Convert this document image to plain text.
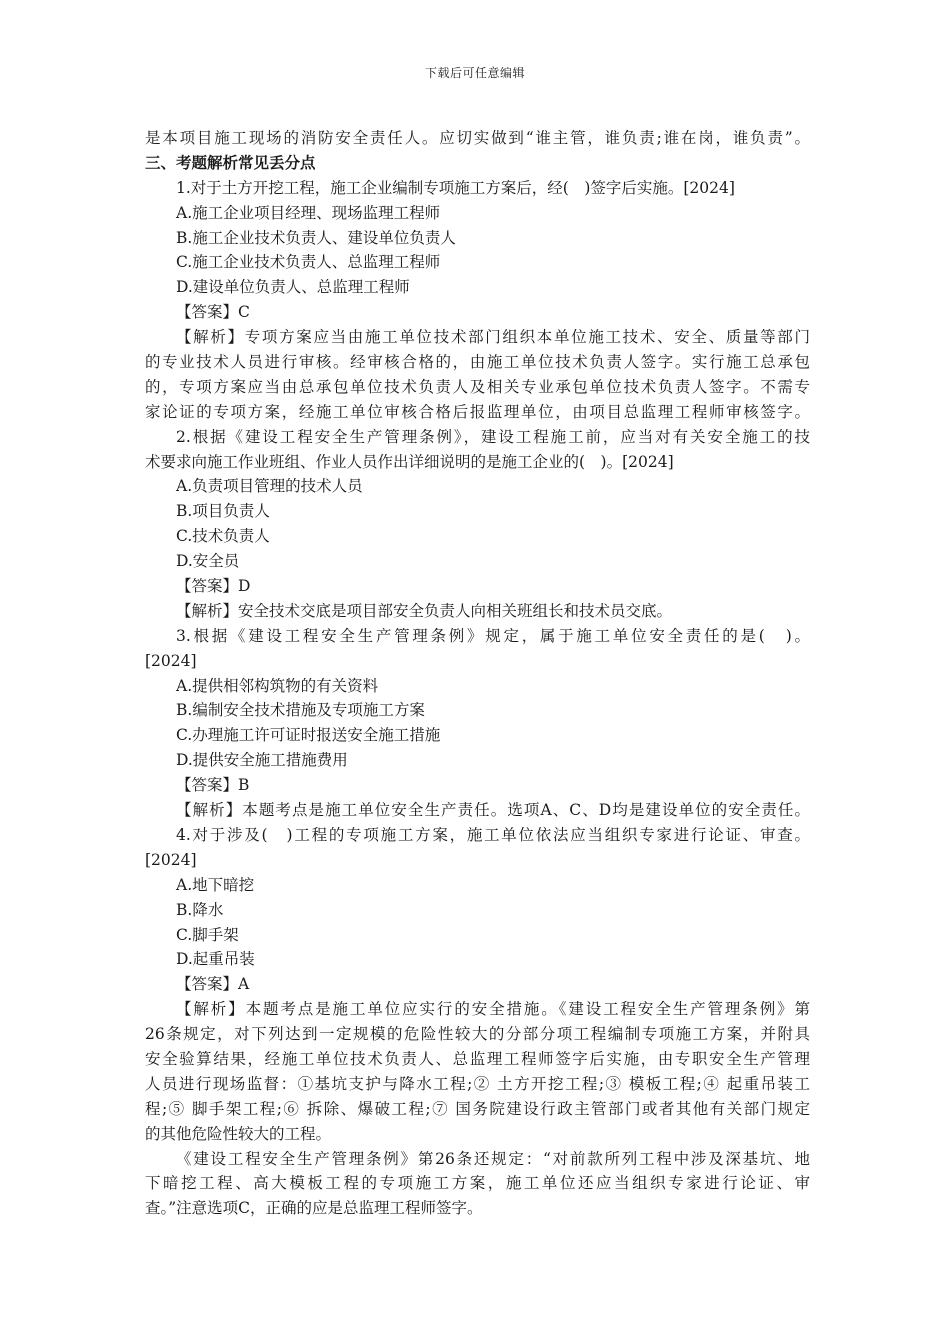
下载后可任意编辑
是本项目施工现场的消防安全责任人。应切实做到“谁主管，谁负责;谁在岗，谁负责”。
三、考题解析常见丢分点
1.对于土方开挖工程，施工企业编制专项施工方案后，经(　)签字后实施。[2024]
A.施工企业项目经理、现场监理工程师
B.施工企业技术负责人、建设单位负责人
C.施工企业技术负责人、总监理工程师
D.建设单位负责人、总监理工程师
【答案】C
【解析】专项方案应当由施工单位技术部门组织本单位施工技术、安全、质量等部门
的专业技术人员进行审核。经审核合格的，由施工单位技术负责人签字。实行施工总承包
的，专项方案应当由总承包单位技术负责人及相关专业承包单位技术负责人签字。不需专
家论证的专项方案，经施工单位审核合格后报监理单位，由项目总监理工程师审核签字。
2.根据《建设工程安全生产管理条例》，建设工程施工前，应当对有关安全施工的技
术要求向施工作业班组、作业人员作出详细说明的是施工企业的(　)。[2024]
A.负责项目管理的技术人员
B.项目负责人
C.技术负责人
D.安全员
【答案】D
【解析】安全技术交底是项目部安全负责人向相关班组长和技术员交底。
3.根据《建设工程安全生产管理条例》规定，属于施工单位安全责任的是(　)。
[2024]
A.提供相邻构筑物的有关资料
B.编制安全技术措施及专项施工方案
C.办理施工许可证时报送安全施工措施
D.提供安全施工措施费用
【答案】B
【解析】本题考点是施工单位安全生产责任。选项A、C、D均是建设单位的安全责任。
4.对于涉及(　)工程的专项施工方案，施工单位依法应当组织专家进行论证、审查。
[2024]
A.地下暗挖
B.降水
C.脚手架
D.起重吊装
【答案】A
【解析】本题考点是施工单位应实行的安全措施。《建设工程安全生产管理条例》第
26条规定，对下列达到一定规模的危险性较大的分部分项工程编制专项施工方案，并附具
安全验算结果，经施工单位技术负责人、总监理工程师签字后实施，由专职安全生产管理
人员进行现场监督：①基坑支护与降水工程;② 土方开挖工程;③ 模板工程;④ 起重吊装工
程;⑤ 脚手架工程;⑥ 拆除、爆破工程;⑦ 国务院建设行政主管部门或者其他有关部门规定
的其他危险性较大的工程。
《建设工程安全生产管理条例》第26条还规定：“对前款所列工程中涉及深基坑、地
下暗挖工程、高大模板工程的专项施工方案，施工单位还应当组织专家进行论证、审
查。”注意选项C，正确的应是总监理工程师签字。
